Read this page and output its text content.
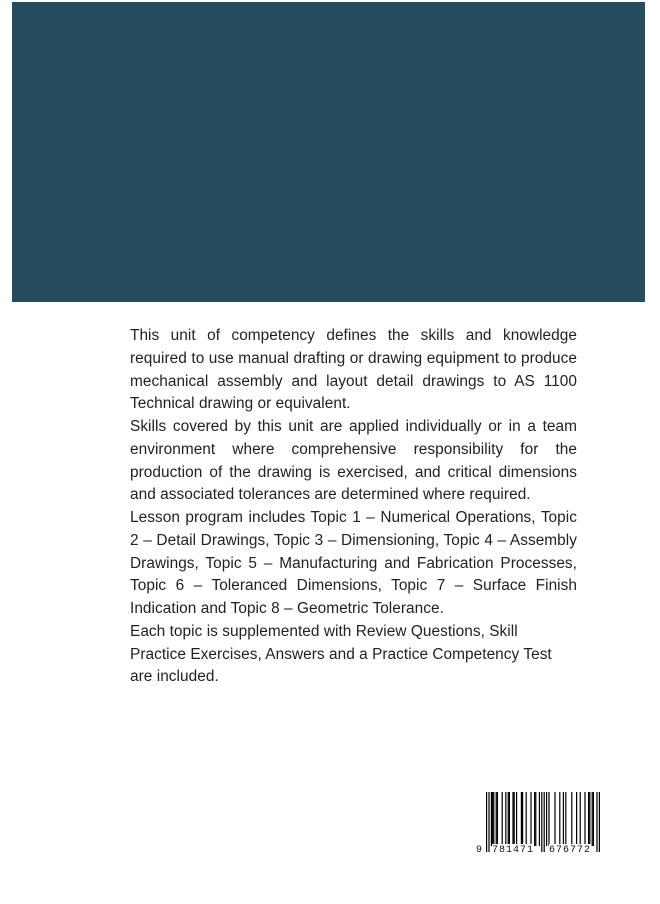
This unit of competency defines the skills and knowledge required to use manual drafting or drawing equipment to produce mechanical assembly and layout detail drawings to AS 1100 Technical drawing or equivalent.

Skills covered by this unit are applied individually or in a team environment where comprehensive responsibility for the production of the drawing is exercised, and critical dimensions and associated tolerances are determined where required.

Lesson program includes Topic 1 – Numerical Operations, Topic 2 – Detail Drawings, Topic 3 – Dimensioning, Topic 4 – Assembly Drawings, Topic 5 – Manufacturing and Fabrication Processes, Topic 6 – Toleranced Dimensions, Topic 7 – Surface Finish Indication and Topic 8 – Geometric Tolerance.

Each topic is supplemented with Review Questions, Skill Practice Exercises, Answers and a Practice Competency Test are included.

9 781471 676772
